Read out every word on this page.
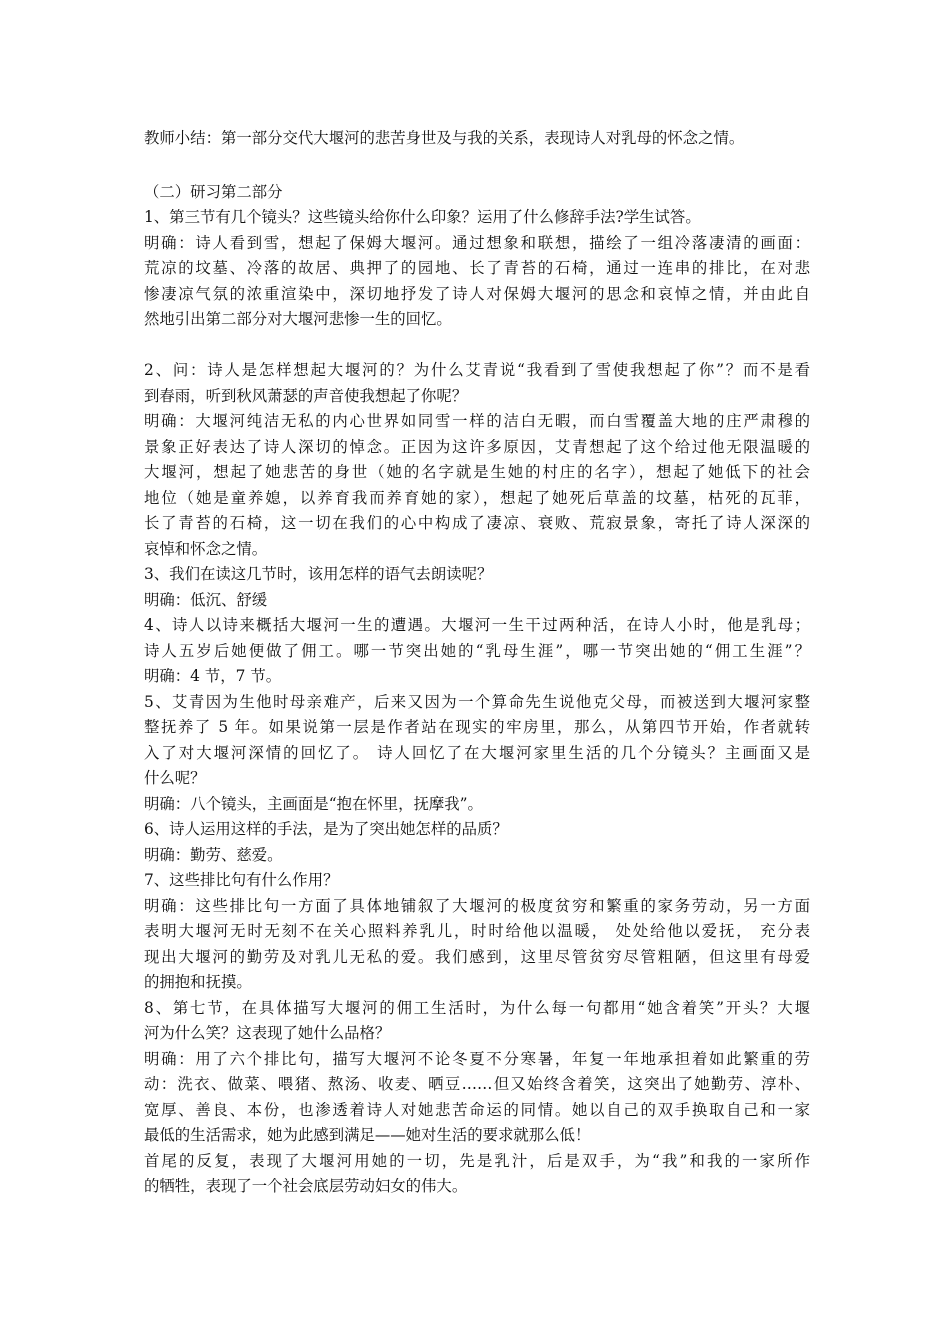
教师小结：第一部分交代大堰河的悲苦身世及与我的关系，表现诗人对乳母的怀念之情。
（二）研习第二部分
1、第三节有几个镜头？这些镜头给你什么印象？运用了什么修辞手法?学生试答。
明确：诗人看到雪，想起了保姆大堰河。通过想象和联想，描绘了一组冷落凄清的画面：
荒凉的坟墓、冷落的故居、典押了的园地、长了青苔的石椅，通过一连串的排比，在对悲
惨凄凉气氛的浓重渲染中，深切地抒发了诗人对保姆大堰河的思念和哀悼之情，并由此自
然地引出第二部分对大堰河悲惨一生的回忆。
2、问：诗人是怎样想起大堰河的？为什么艾青说“我看到了雪使我想起了你”？而不是看
到春雨，听到秋风萧瑟的声音使我想起了你呢？
明确：大堰河纯洁无私的内心世界如同雪一样的洁白无暇，而白雪覆盖大地的庄严肃穆的
景象正好表达了诗人深切的悼念。正因为这许多原因，艾青想起了这个给过他无限温暖的
大堰河，想起了她悲苦的身世（她的名字就是生她的村庄的名字），想起了她低下的社会
地位（她是童养媳，以养育我而养育她的家），想起了她死后草盖的坟墓，枯死的瓦菲，
长了青苔的石椅，这一切在我们的心中构成了凄凉、衰败、荒寂景象，寄托了诗人深深的
哀悼和怀念之情。
3、我们在读这几节时，该用怎样的语气去朗读呢？
明确：低沉、舒缓
4、诗人以诗来概括大堰河一生的遭遇。大堰河一生干过两种活，在诗人小时，他是乳母；
诗人五岁后她便做了佣工。哪一节突出她的“乳母生涯”，哪一节突出她的“佣工生涯”？
明确：4 节，7 节。
5、艾青因为生他时母亲难产，后来又因为一个算命先生说他克父母，而被送到大堰河家整
整抚养了 5 年。如果说第一层是作者站在现实的牢房里，那么，从第四节开始，作者就转
入了对大堰河深情的回忆了。 诗人回忆了在大堰河家里生活的几个分镜头？主画面又是
什么呢？
明确：八个镜头，主画面是“抱在怀里，抚摩我”。
6、诗人运用这样的手法，是为了突出她怎样的品质？
明确：勤劳、慈爱。
7、这些排比句有什么作用？
明确：这些排比句一方面了具体地铺叙了大堰河的极度贫穷和繁重的家务劳动，另一方面
表明大堰河无时无刻不在关心照料养乳儿，时时给他以温暖， 处处给他以爱抚， 充分表
现出大堰河的勤劳及对乳儿无私的爱。我们感到，这里尽管贫穷尽管粗陋，但这里有母爱
的拥抱和抚摸。
8、第七节，在具体描写大堰河的佣工生活时，为什么每一句都用“她含着笑”开头？大堰
河为什么笑？这表现了她什么品格？
明确：用了六个排比句，描写大堰河不论冬夏不分寒暑，年复一年地承担着如此繁重的劳
动：洗衣、做菜、喂猪、熬汤、收麦、晒豆……但又始终含着笑，这突出了她勤劳、淳朴、
宽厚、善良、本份，也渗透着诗人对她悲苦命运的同情。她以自己的双手换取自己和一家
最低的生活需求，她为此感到满足——她对生活的要求就那么低！
首尾的反复，表现了大堰河用她的一切，先是乳汁，后是双手，为“我”和我的一家所作
的牺牲，表现了一个社会底层劳动妇女的伟大。
